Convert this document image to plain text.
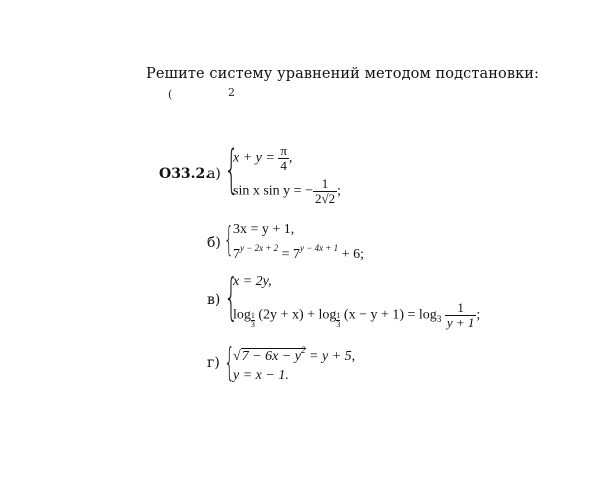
Решите систему уравнений методом подстановки:
(	2
O33.2.
а) {
$x + y = \frac{\pi}{4}$ ,
sin x sin y = − $\frac{1}{2√2}$ ;
б) { 3x = y + 1,
$7^{y - 2x + 2} = 7^{y - 4x + 1} + 6$;
в) {
x = 2y,
$\log \frac{1}{3} (2y + x) + \log \frac{1}{3} (x - y + 1) = \log_3 \frac{1}{y + 1}$ ;
г) {
$√7 - 6x - y^2 = y + 5$,
y = x − 1.
